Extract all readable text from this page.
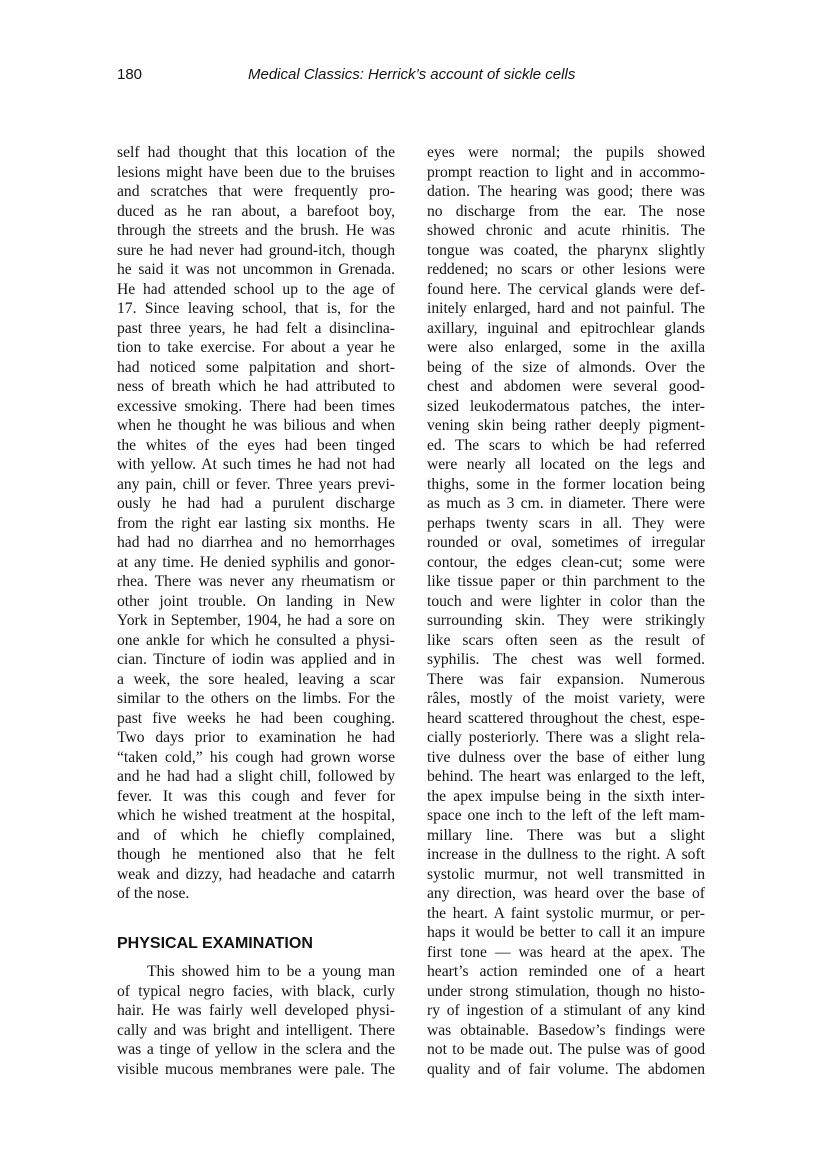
180	Medical Classics: Herrick’s account of sickle cells
self had thought that this location of the
lesions might have been due to the bruises
and scratches that were frequently pro-
duced as he ran about, a barefoot boy,
through the streets and the brush. He was
sure he had never had ground-itch, though
he said it was not uncommon in Grenada.
He had attended school up to the age of
17. Since leaving school, that is, for the
past three years, he had felt a disinclina-
tion to take exercise. For about a year he
had noticed some palpitation and short-
ness of breath which he had attributed to
excessive smoking. There had been times
when he thought he was bilious and when
the whites of the eyes had been tinged
with yellow. At such times he had not had
any pain, chill or fever. Three years previ-
ously he had had a purulent discharge
from the right ear lasting six months. He
had had no diarrhea and no hemorrhages
at any time. He denied syphilis and gonor-
rhea. There was never any rheumatism or
other joint trouble. On landing in New
York in September, 1904, he had a sore on
one ankle for which he consulted a physi-
cian. Tincture of iodin was applied and in
a week, the sore healed, leaving a scar
similar to the others on the limbs. For the
past five weeks he had been coughing.
Two days prior to examination he had
“taken cold,” his cough had grown worse
and he had had a slight chill, followed by
fever. It was this cough and fever for
which he wished treatment at the hospital,
and of which he chiefly complained,
though he mentioned also that he felt
weak and dizzy, had headache and catarrh
of the nose.
PHYSICAL EXAMINATION
This showed him to be a young man
of typical negro facies, with black, curly
hair. He was fairly well developed physi-
cally and was bright and intelligent. There
was a tinge of yellow in the sclera and the
visible mucous membranes were pale. The
eyes were normal; the pupils showed
prompt reaction to light and in accommo-
dation. The hearing was good; there was
no discharge from the ear. The nose
showed chronic and acute rhinitis. The
tongue was coated, the pharynx slightly
reddened; no scars or other lesions were
found here. The cervical glands were def-
initely enlarged, hard and not painful. The
axillary, inguinal and epitrochlear glands
were also enlarged, some in the axilla
being of the size of almonds. Over the
chest and abdomen were several good-
sized leukodermatous patches, the inter-
vening skin being rather deeply pigment-
ed. The scars to which be had referred
were nearly all located on the legs and
thighs, some in the former location being
as much as 3 cm. in diameter. There were
perhaps twenty scars in all. They were
rounded or oval, sometimes of irregular
contour, the edges clean-cut; some were
like tissue paper or thin parchment to the
touch and were lighter in color than the
surrounding skin. They were strikingly
like scars often seen as the result of
syphilis. The chest was well formed.
There was fair expansion. Numerous
râles, mostly of the moist variety, were
heard scattered throughout the chest, espe-
cially posteriorly. There was a slight rela-
tive dulness over the base of either lung
behind. The heart was enlarged to the left,
the apex impulse being in the sixth inter-
space one inch to the left of the left mam-
millary line. There was but a slight
increase in the dullness to the right. A soft
systolic murmur, not well transmitted in
any direction, was heard over the base of
the heart. A faint systolic murmur, or per-
haps it would be better to call it an impure
first tone — was heard at the apex. The
heart’s action reminded one of a heart
under strong stimulation, though no histo-
ry of ingestion of a stimulant of any kind
was obtainable. Basedow’s findings were
not to be made out. The pulse was of good
quality and of fair volume. The abdomen
